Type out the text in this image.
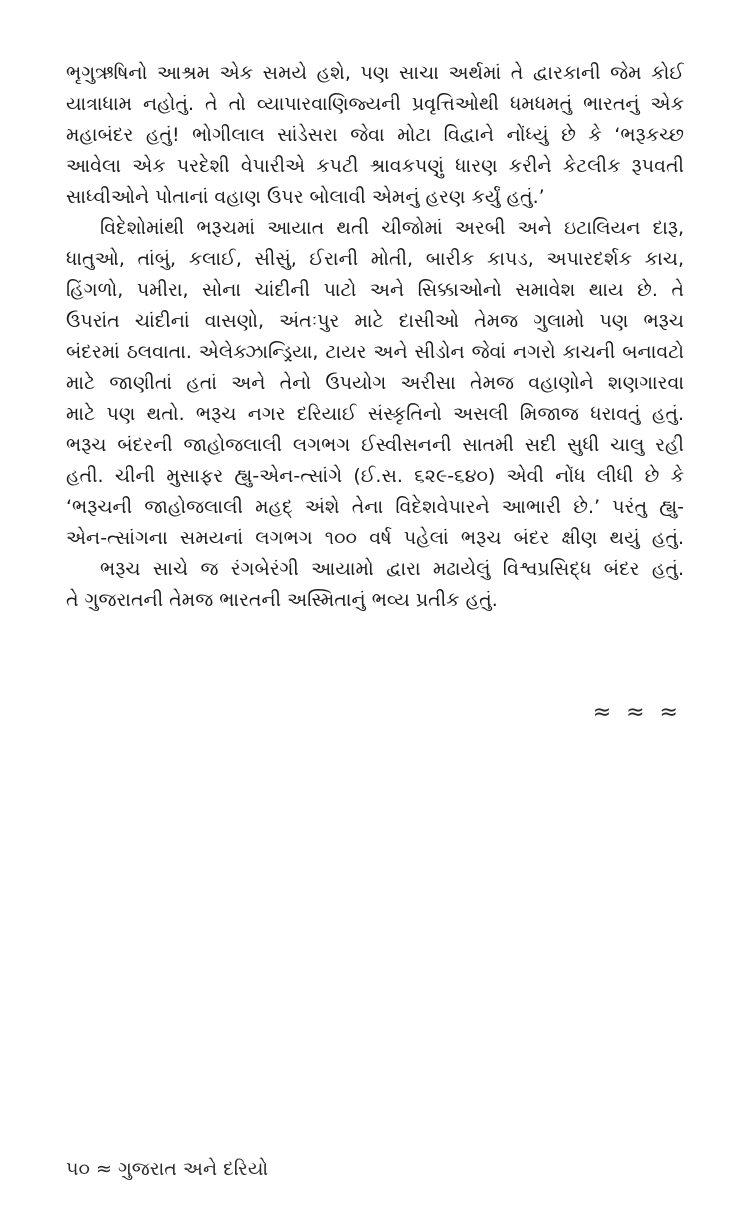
ભૃગુઋષિનો આશ્રમ એક સમયે હશે, પણ સાચા અર્થમાં તે દ્વારકાની જેમ કોઈ
યાત્રાધામ નહોતું. તે તો વ્યાપારવાણિજ્યની પ્રવૃત્તિઓથી ધમધમતું ભારતનું એક
મહાબંદર હતું! ભોગીલાલ સાંડેસરા જેવા મોટા વિદ્વાને નોંધ્યું છે કે ‘ભરૂકચ્છ
આવેલા એક પરદેશી વેપારીએ કપટી શ્રાવકપણું ધારણ કરીને કેટલીક રૂપવતી
સાધ્વીઓને પોતાનાં વહાણ ઉપર બોલાવી એમનું હરણ કર્યું હતું.’

વિદેશોમાંથી ભરૂચમાં આયાત થતી ચીજોમાં અરબી અને ઇટાલિયન દારૂ,
ધાતુઓ, તાંબું, કલાઈ, સીસું, ઈરાની મોતી, બારીક કાપડ, અપારદર્શક કાચ,
હિંગળો, પમીરા, સોના ચાંદીની પાટો અને સિક્કાઓનો સમાવેશ થાય છે. તે
ઉપરાંત ચાંદીનાં વાસણો, અંતઃપુર માટે દાસીઓ તેમજ ગુલામો પણ ભરૂચ
બંદરમાં ઠલવાતા. એલેક્ઝાન્ડ્રિયા, ટાયર અને સીડોન જેવાં નગરો કાચની બનાવટો
માટે જાણીતાં હતાં અને તેનો ઉપયોગ અરીસા તેમજ વહાણોને શણગારવા
માટે પણ થતો. ભરૂચ નગર દરિયાઈ સંસ્કૃતિનો અસલી મિજાજ ધરાવતું હતું.
ભરૂચ બંદરની જાહોજલાલી લગભગ ઈસ્વીસનની સાતમી સદી સુધી ચાલુ રહી
હતી. ચીની મુસાફર હ્યુ-એન-ત્સાંગે (ઈ.સ. ૬૨૯-૬૪૦) એવી નોંધ લીધી છે કે
‘ભરૂચની જાહોજલાલી મહદ્ અંશે તેના વિદેશવેપારને આભારી છે.’ પરંતુ હ્યુ-
એન-ત્સાંગના સમયનાં લગભગ ૧૦૦ વર્ષ પહેલાં ભરૂચ બંદર ક્ષીણ થયું હતું.

ભરૂચ સાચે જ રંગબેરંગી આયામો દ્વારા મઢાયેલું વિશ્વપ્રસિદ્ધ બંદર હતું.
તે ગુજરાતની તેમજ ભારતની અસ્મિતાનું ભવ્ય પ્રતીક હતું.

≈ ≈ ≈
૫૦ ≈ ગુજરાત અને દરિયો
